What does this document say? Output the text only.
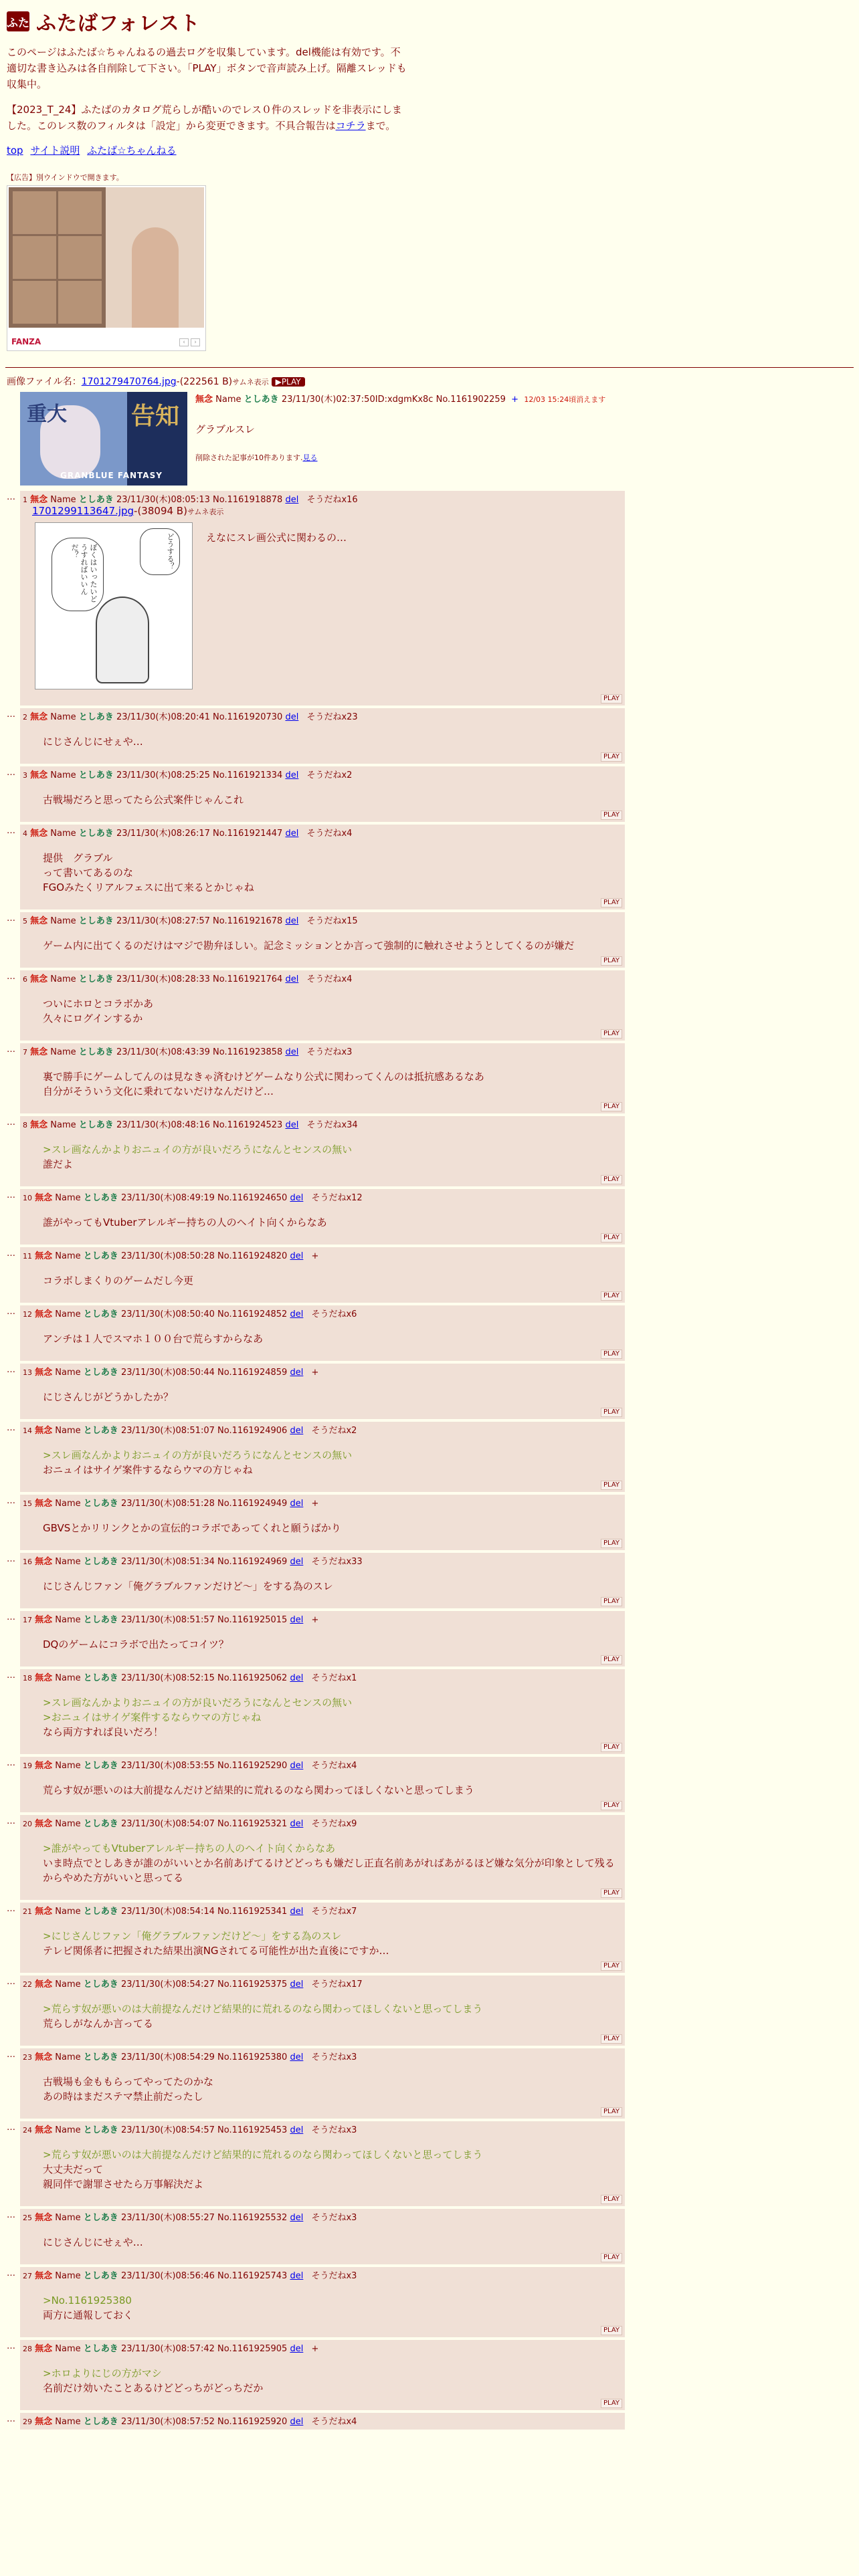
ふた ふたばフォレスト

このページはふたば☆ちゃんねるの過去ログを収集しています。del機能は有効です。不適切な書き込みは各自削除して下さい。「PLAY」ボタンで音声読み上げ。隔離スレッドも収集中。

【2023_T_24】ふたばのカタログ荒らしが酷いのでレス０件のスレッドを非表示にしました。このレス数のフィルタは「設定」から変更できます。不具合報告はコチラまで。

top サイト説明 ふたば☆ちゃんねる
【広告】別ウインドウで開きます。
FANZA	‹	›
画像ファイル名：1701279470764.jpg-(222561 B)サムネ表示 ▶PLAY
重大	告知
GRANBLUE FANTASY
無念 Name としあき 23/11/30(木)02:37:50ID:xdgmKx8c No.1161902259 + 12/03 15:24頃消えます
グラブルスレ
削除された記事が10件あります.見る
…	1 無念 Name としあき 23/11/30(木)08:05:13 No.1161918878 del そうだねx16
1701299113647.jpg-(38094 B)サムネ表示
どうする？
ぼくはいったいどうすればいいんだ？
えなにスレ画公式に関わるの…
PLAY
…	2 無念 Name としあき 23/11/30(木)08:20:41 No.1161920730 del そうだねx23
にじさんじにせぇや…
PLAY
…	3 無念 Name としあき 23/11/30(木)08:25:25 No.1161921334 del そうだねx2
古戦場だろと思ってたら公式案件じゃんこれ
PLAY
…	4 無念 Name としあき 23/11/30(木)08:26:17 No.1161921447 del そうだねx4
提供　グラブル
って書いてあるのな
FGOみたくリアルフェスに出て来るとかじゃね
PLAY
…	5 無念 Name としあき 23/11/30(木)08:27:57 No.1161921678 del そうだねx15
ゲーム内に出てくるのだけはマジで勘弁ほしい。記念ミッションとか言って強制的に触れさせようとしてくるのが嫌だ
PLAY
…	6 無念 Name としあき 23/11/30(木)08:28:33 No.1161921764 del そうだねx4
ついにホロとコラボかあ
久々にログインするか
PLAY
…	7 無念 Name としあき 23/11/30(木)08:43:39 No.1161923858 del そうだねx3
裏で勝手にゲームしてんのは見なきゃ済むけどゲームなり公式に関わってくんのは抵抗感あるなあ
自分がそういう文化に乗れてないだけなんだけど…
PLAY
…	8 無念 Name としあき 23/11/30(木)08:48:16 No.1161924523 del そうだねx34
>スレ画なんかよりおニュイの方が良いだろうになんとセンスの無い
誰だよ
PLAY
…	10 無念 Name としあき 23/11/30(木)08:49:19 No.1161924650 del そうだねx12
誰がやってもVtuberアレルギー持ちの人のヘイト向くからなあ
PLAY
…	11 無念 Name としあき 23/11/30(木)08:50:28 No.1161924820 del +
コラボしまくりのゲームだし今更
PLAY
…	12 無念 Name としあき 23/11/30(木)08:50:40 No.1161924852 del そうだねx6
アンチは１人でスマホ１００台で荒らすからなあ
PLAY
…	13 無念 Name としあき 23/11/30(木)08:50:44 No.1161924859 del +
にじさんじがどうかしたか？
PLAY
…	14 無念 Name としあき 23/11/30(木)08:51:07 No.1161924906 del そうだねx2
>スレ画なんかよりおニュイの方が良いだろうになんとセンスの無い
おニュイはサイゲ案件するならウマの方じゃね
PLAY
…	15 無念 Name としあき 23/11/30(木)08:51:28 No.1161924949 del +
GBVSとかリリンクとかの宣伝的コラボであってくれと願うばかり
PLAY
…	16 無念 Name としあき 23/11/30(木)08:51:34 No.1161924969 del そうだねx33
にじさんじファン「俺グラブルファンだけど〜」をする為のスレ
PLAY
…	17 無念 Name としあき 23/11/30(木)08:51:57 No.1161925015 del +
DQのゲームにコラボで出たってコイツ？
PLAY
…	18 無念 Name としあき 23/11/30(木)08:52:15 No.1161925062 del そうだねx1
>スレ画なんかよりおニュイの方が良いだろうになんとセンスの無い
>おニュイはサイゲ案件するならウマの方じゃね
なら両方すれば良いだろ！
PLAY
…	19 無念 Name としあき 23/11/30(木)08:53:55 No.1161925290 del そうだねx4
荒らす奴が悪いのは大前提なんだけど結果的に荒れるのなら関わってほしくないと思ってしまう
PLAY
…	20 無念 Name としあき 23/11/30(木)08:54:07 No.1161925321 del そうだねx9
>誰がやってもVtuberアレルギー持ちの人のヘイト向くからなあ
いま時点でとしあきが誰のがいいとか名前あげてるけどどっちも嫌だし正直名前あがればあがるほど嫌な気分が印象として残るからやめた方がいいと思ってる
PLAY
…	21 無念 Name としあき 23/11/30(木)08:54:14 No.1161925341 del そうだねx7
>にじさんじファン「俺グラブルファンだけど〜」をする為のスレ
テレビ関係者に把握された結果出演NGされてる可能性が出た直後にですか…
PLAY
…	22 無念 Name としあき 23/11/30(木)08:54:27 No.1161925375 del そうだねx17
>荒らす奴が悪いのは大前提なんだけど結果的に荒れるのなら関わってほしくないと思ってしまう
荒らしがなんか言ってる
PLAY
…	23 無念 Name としあき 23/11/30(木)08:54:29 No.1161925380 del そうだねx3
古戦場も金ももらってやってたのかな
あの時はまだステマ禁止前だったし
PLAY
…	24 無念 Name としあき 23/11/30(木)08:54:57 No.1161925453 del そうだねx3
>荒らす奴が悪いのは大前提なんだけど結果的に荒れるのなら関わってほしくないと思ってしまう
大丈夫だって
親同伴で謝罪させたら万事解決だよ
PLAY
…	25 無念 Name としあき 23/11/30(木)08:55:27 No.1161925532 del そうだねx3
にじさんじにせぇや…
PLAY
…	27 無念 Name としあき 23/11/30(木)08:56:46 No.1161925743 del そうだねx3
>No.1161925380
両方に通報しておく
PLAY
…	28 無念 Name としあき 23/11/30(木)08:57:42 No.1161925905 del +
>ホロよりにじの方がマシ
名前だけ効いたことあるけどどっちがどっちだか
PLAY
…	29 無念 Name としあき 23/11/30(木)08:57:52 No.1161925920 del そうだねx4
